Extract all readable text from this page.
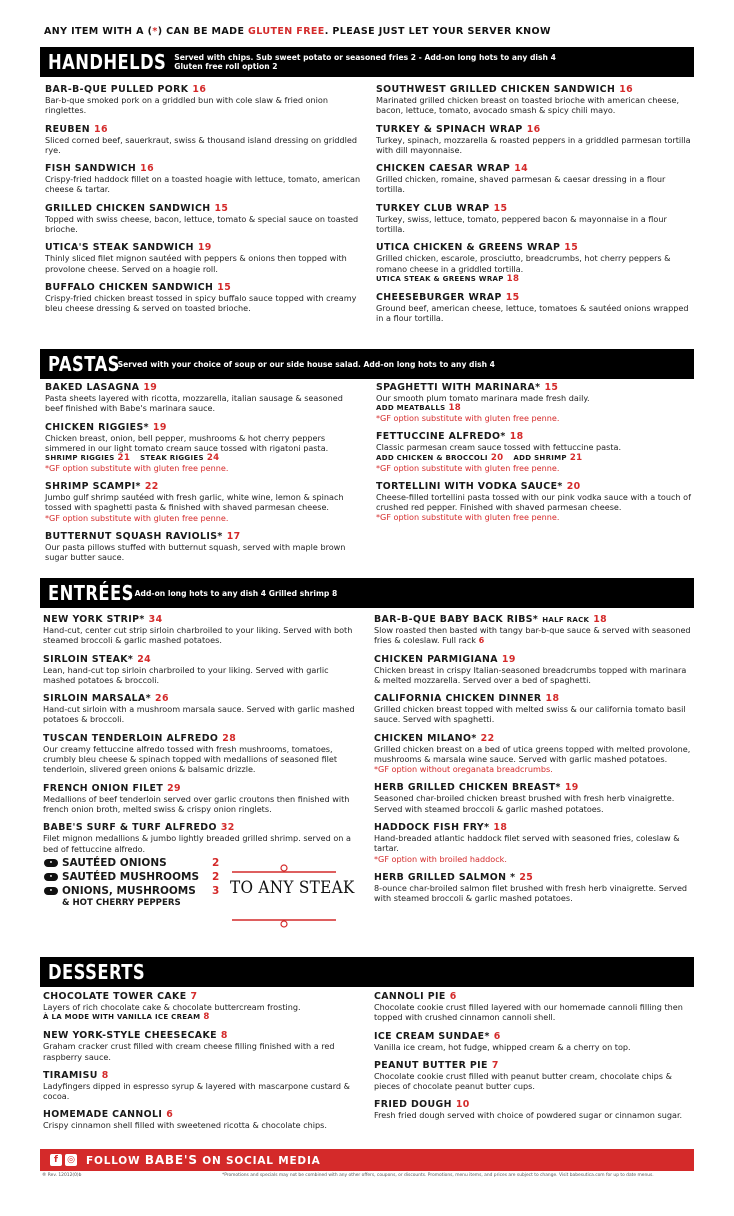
ANY ITEM WITH A (*) CAN BE MADE GLUTEN FREE. PLEASE JUST LET YOUR SERVER KNOW
HANDHELDS Served with chips. Sub sweet potato or seasoned fries 2 - Add-on long hots to any dish 4
Gluten free roll option 2
BAR-B-QUE PULLED PORK 16
Bar-b-que smoked pork on a griddled bun with cole slaw & fried onion ringlettes.
REUBEN 16
Sliced corned beef, sauerkraut, swiss & thousand island dressing on griddled rye.
FISH SANDWICH 16
Crispy-fried haddock fillet on a toasted hoagie with lettuce, tomato, american cheese & tartar.
GRILLED CHICKEN SANDWICH 15
Topped with swiss cheese, bacon, lettuce, tomato & special sauce on toasted brioche.
UTICA'S STEAK SANDWICH 19
Thinly sliced filet mignon sautéed with peppers & onions then topped with provolone cheese. Served on a hoagie roll.
BUFFALO CHICKEN SANDWICH 15
Crispy-fried chicken breast tossed in spicy buffalo sauce topped with creamy bleu cheese dressing & served on toasted brioche.
SOUTHWEST GRILLED CHICKEN SANDWICH 16
Marinated grilled chicken breast on toasted brioche with american cheese, bacon, lettuce, tomato, avocado smash & spicy chili mayo.
TURKEY & SPINACH WRAP 16
Turkey, spinach, mozzarella & roasted peppers in a griddled parmesan tortilla with dill mayonnaise.
CHICKEN CAESAR WRAP 14
Grilled chicken, romaine, shaved parmesan & caesar dressing in a flour tortilla.
TURKEY CLUB WRAP 15
Turkey, swiss, lettuce, tomato, peppered bacon & mayonnaise in a flour tortilla.
UTICA CHICKEN & GREENS WRAP 15
Grilled chicken, escarole, prosciutto, breadcrumbs, hot cherry peppers & romano cheese in a griddled tortilla.
UTICA STEAK & GREENS WRAP 18
CHEESEBURGER WRAP 15
Ground beef, american cheese, lettuce, tomatoes & sautéed onions wrapped in a flour tortilla.
PASTAS
Served with your choice of soup or our side house salad. Add-on long hots to any dish 4
BAKED LASAGNA 19
Pasta sheets layered with ricotta, mozzarella, italian sausage & seasoned beef finished with Babe's marinara sauce.
CHICKEN RIGGIES* 19
Chicken breast, onion, bell pepper, mushrooms & hot cherry peppers simmered in our light tomato cream sauce tossed with rigatoni pasta.
SHRIMP RIGGIES 21 STEAK RIGGIES 24
*GF option substitute with gluten free penne.
SHRIMP SCAMPI* 22
Jumbo gulf shrimp sautéed with fresh garlic, white wine, lemon & spinach tossed with spaghetti pasta & finished with shaved parmesan cheese.
*GF option substitute with gluten free penne.
BUTTERNUT SQUASH RAVIOLIS* 17
Our pasta pillows stuffed with butternut squash, served with maple brown sugar butter sauce.
SPAGHETTI WITH MARINARA* 15
Our smooth plum tomato marinara made fresh daily.
ADD MEATBALLS 18
*GF option substitute with gluten free penne.
FETTUCCINE ALFREDO* 18
Classic parmesan cream sauce tossed with fettuccine pasta.
ADD CHICKEN & BROCCOLI 20 ADD SHRIMP 21
*GF option substitute with gluten free penne.
TORTELLINI WITH VODKA SAUCE* 20
Cheese-filled tortellini pasta tossed with our pink vodka sauce with a touch of crushed red pepper. Finished with shaved parmesan cheese.
*GF option substitute with gluten free penne.
ENTRÉES Add-on long hots to any dish 4 Grilled shrimp 8
NEW YORK STRIP* 34
Hand-cut, center cut strip sirloin charbroiled to your liking. Served with both steamed broccoli & garlic mashed potatoes.
SIRLOIN STEAK* 24
Lean, hand-cut top sirloin charbroiled to your liking. Served with garlic mashed potatoes & broccoli.
SIRLOIN MARSALA* 26
Hand-cut sirloin with a mushroom marsala sauce. Served with garlic mashed potatoes & broccoli.
TUSCAN TENDERLOIN ALFREDO 28
Our creamy fettuccine alfredo tossed with fresh mushrooms, tomatoes, crumbly bleu cheese & spinach topped with medallions of seasoned filet tenderloin, slivered green onions & balsamic drizzle.
FRENCH ONION FILET 29
Medallions of beef tenderloin served over garlic croutons then finished with french onion broth, melted swiss & crispy onion ringlets.
BABE'S SURF & TURF ALFREDO 32
Filet mignon medallions & jumbo lightly breaded grilled shrimp. served on a bed of fettuccine alfredo.
BAR-B-QUE BABY BACK RIBS* HALF RACK 18
Slow roasted then basted with tangy bar-b-que sauce & served with seasoned fries & coleslaw. Full rack 6
CHICKEN PARMIGIANA 19
Chicken breast in crispy Italian-seasoned breadcrumbs topped with marinara & melted mozzarella. Served over a bed of spaghetti.
CALIFORNIA CHICKEN DINNER 18
Grilled chicken breast topped with melted swiss & our california tomato basil sauce. Served with spaghetti.
CHICKEN MILANO* 22
Grilled chicken breast on a bed of utica greens topped with melted provolone, mushrooms & marsala wine sauce. Served with garlic mashed potatoes.
*GF option without oreganata breadcrumbs.
HERB GRILLED CHICKEN BREAST* 19
Seasoned char-broiled chicken breast brushed with fresh herb vinaigrette. Served with steamed broccoli & garlic mashed potatoes.
HADDOCK FISH FRY* 18
Hand-breaded atlantic haddock filet served with seasoned fries, coleslaw & tartar.
*GF option with broiled haddock.
HERB GRILLED SALMON * 25
8-ounce char-broiled salmon filet brushed with fresh herb vinaigrette. Served with steamed broccoli & garlic mashed potatoes.
• SAUTÉED ONIONS	2
• SAUTÉED MUSHROOMS	2
• ONIONS, MUSHROOMS	3
& HOT CHERRY PEPPERS
TO ANY STEAK
DESSERTS
CHOCOLATE TOWER CAKE 7
Layers of rich chocolate cake & chocolate buttercream frosting.
À LA MODE WITH VANILLA ICE CREAM 8
NEW YORK-STYLE CHEESECAKE 8
Graham cracker crust filled with cream cheese filling finished with a red raspberry sauce.
TIRAMISU 8
Ladyfingers dipped in espresso syrup & layered with mascarpone custard & cocoa.
HOMEMADE CANNOLI 6
Crispy cinnamon shell filled with sweetened ricotta & chocolate chips.
CANNOLI PIE 6
Chocolate cookie crust filled layered with our homemade cannoli filling then topped with crushed cinnamon cannoli shell.
ICE CREAM SUNDAE* 6
Vanilla ice cream, hot fudge, whipped cream & a cherry on top.
PEANUT BUTTER PIE 7
Chocolate cookie crust filled with peanut butter cream, chocolate chips & pieces of chocolate peanut butter cups.
FRIED DOUGH 10
Fresh fried dough served with choice of powdered sugar or cinnamon sugar.
f	◎ FOLLOW BABE'S ON SOCIAL MEDIA
® Rev. 12012(0)b	*Promotions and specials may not be combined with any other offers, coupons, or discounts. Promotions, menu items, and prices are subject to change. Visit babesutica.com for up to date menus.
